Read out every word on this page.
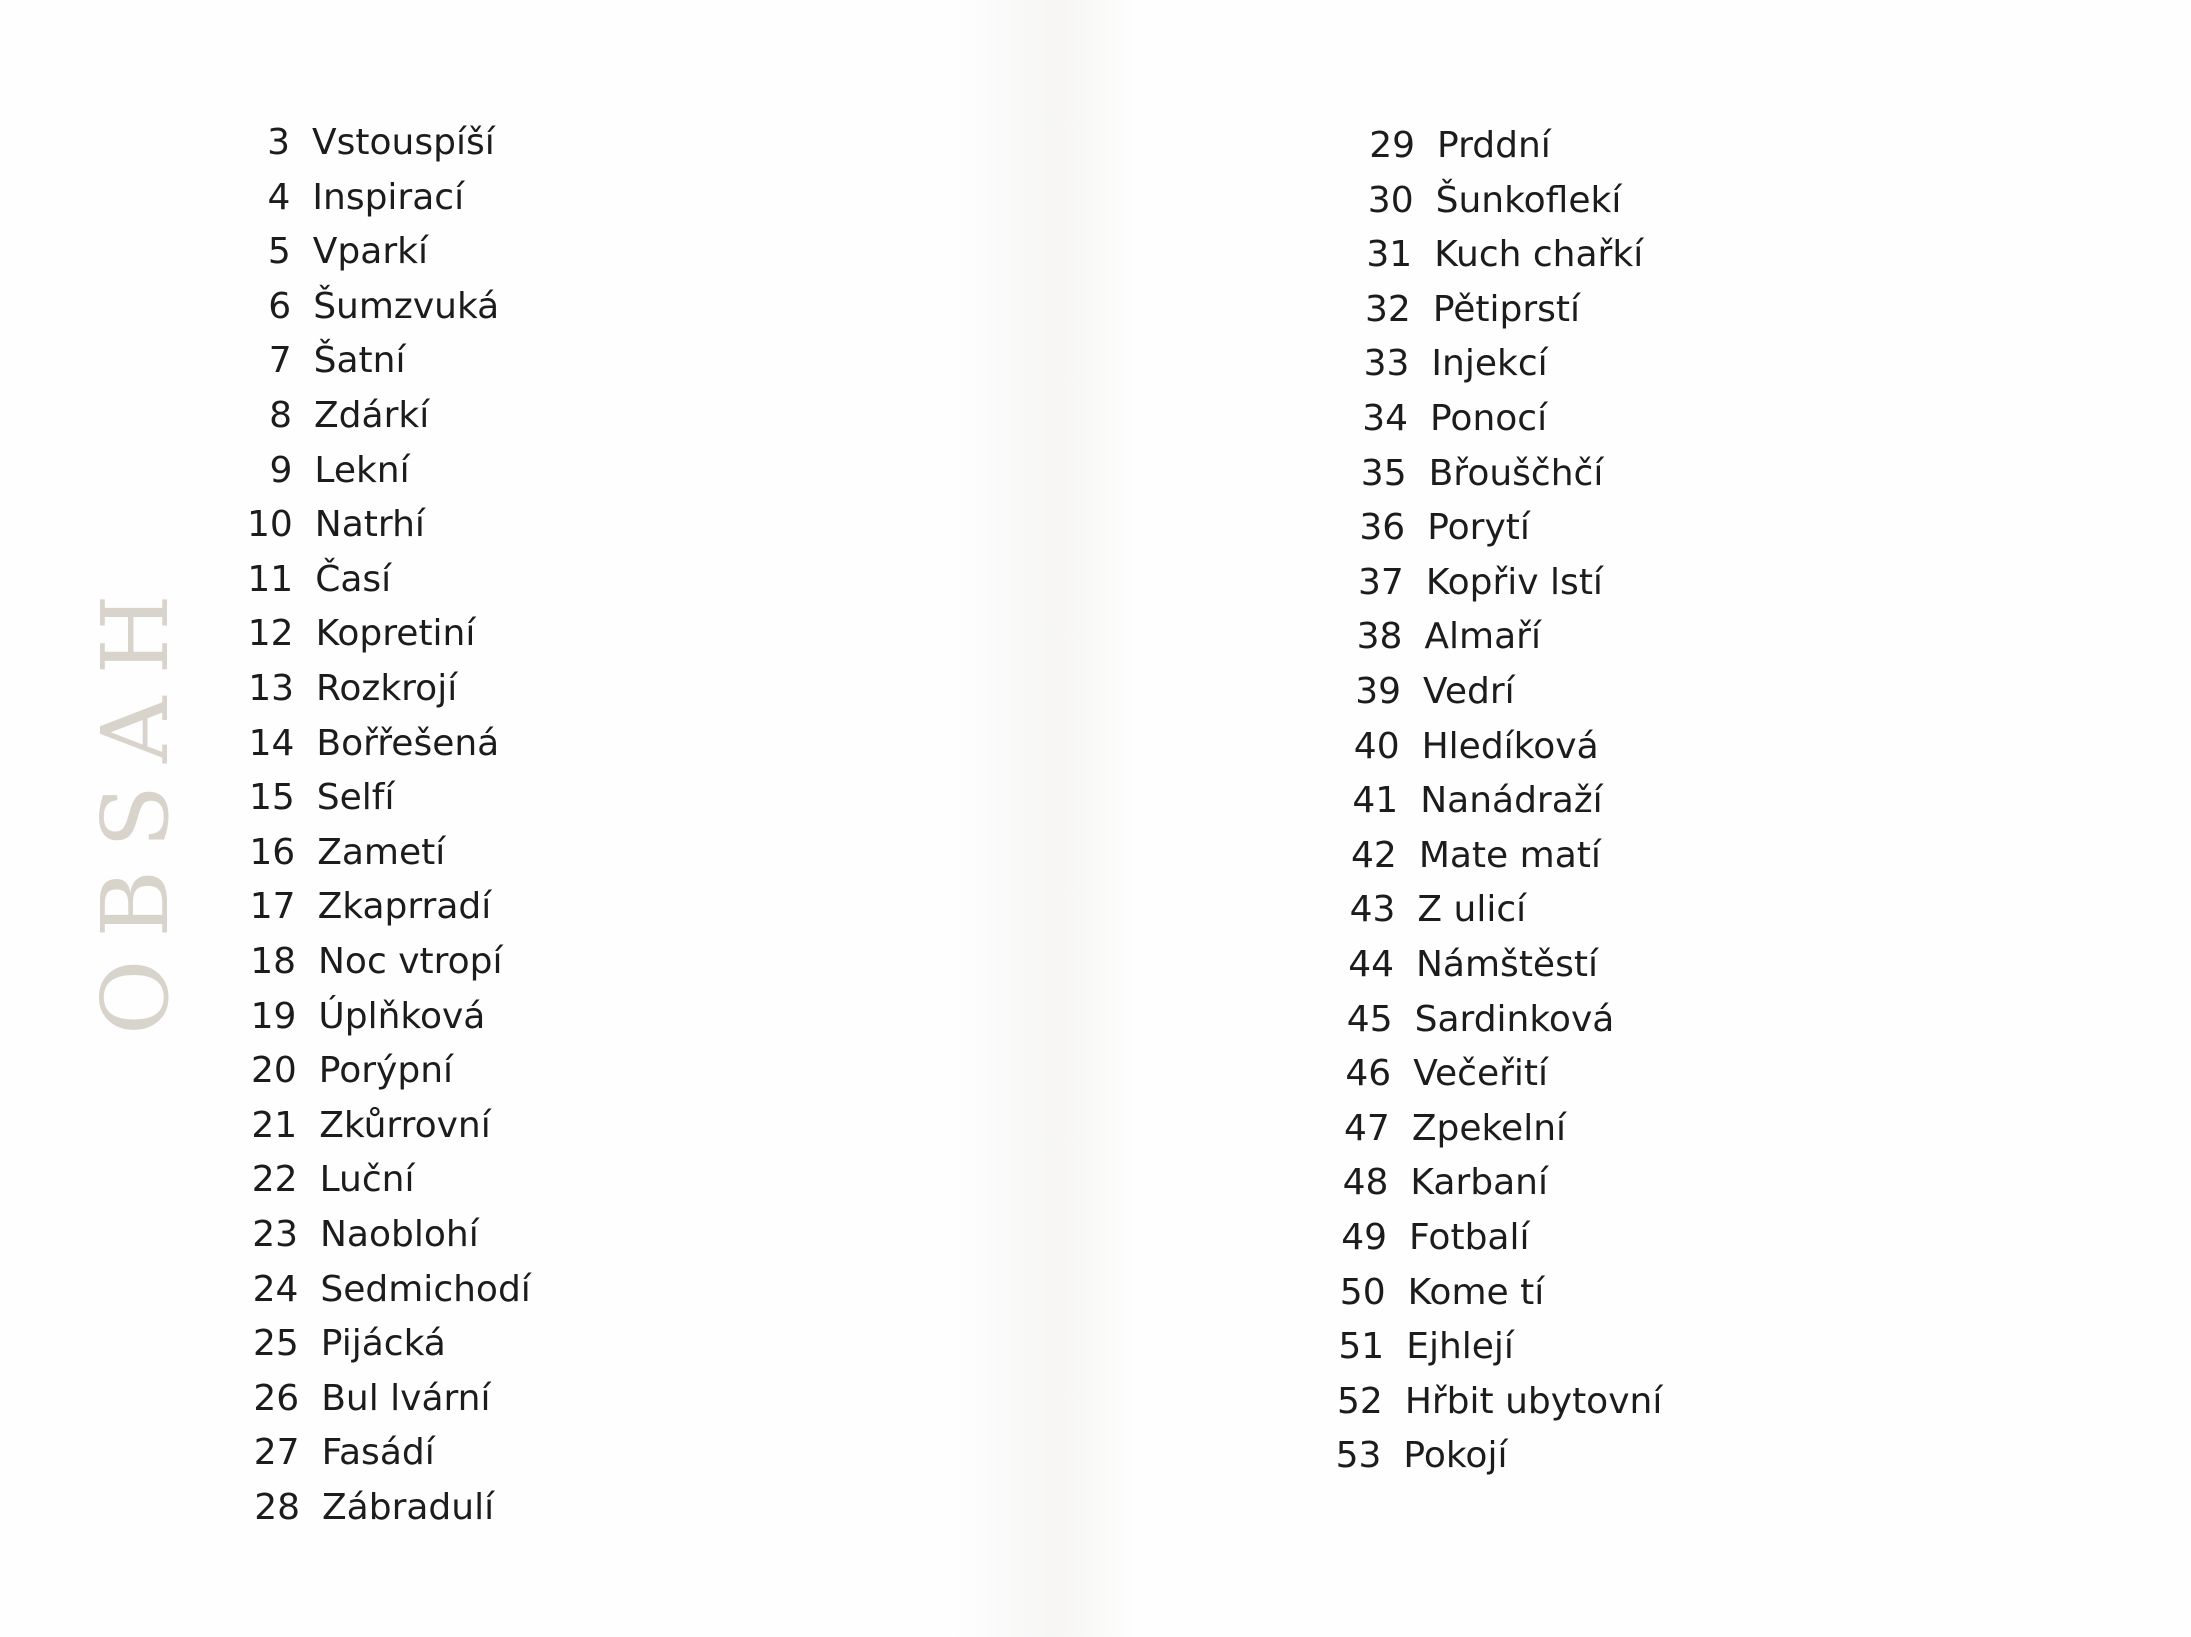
OBSAH
3 Vstouspíší
4 Inspirací
5 Vparkí
6 Šumzvuká
7 Šatní
8 Zdárkí
9 Lekní
10 Natrhí
11 Časí
12 Kopretiní
13 Rozkrojí
14 Bořřešená
15 Selfí
16 Zametí
17 Zkaprradí
18 Noc vtropí
19 Úplňková
20 Porýpní
21 Zkůrrovní
22 Luční
23 Naoblohí
24 Sedmichodí
25 Pijácká
26 Bul lvární
27 Fasádí
28 Zábradulí
29 Prddní
30 Šunkoflekí
31 Kuch chařkí
32 Pětiprstí
33 Injekcí
34 Ponocí
35 Břouščhčí
36 Porytí
37 Kopřiv lstí
38 Almaří
39 Vedrí
40 Hledíková
41 Nanádraží
42 Mate matí
43 Z ulicí
44 Námštěstí
45 Sardinková
46 Večeřití
47 Zpekelní
48 Karbaní
49 Fotbalí
50 Kome tí
51 Ejhlejí
52 Hřbit ubytovní
53 Pokojí
